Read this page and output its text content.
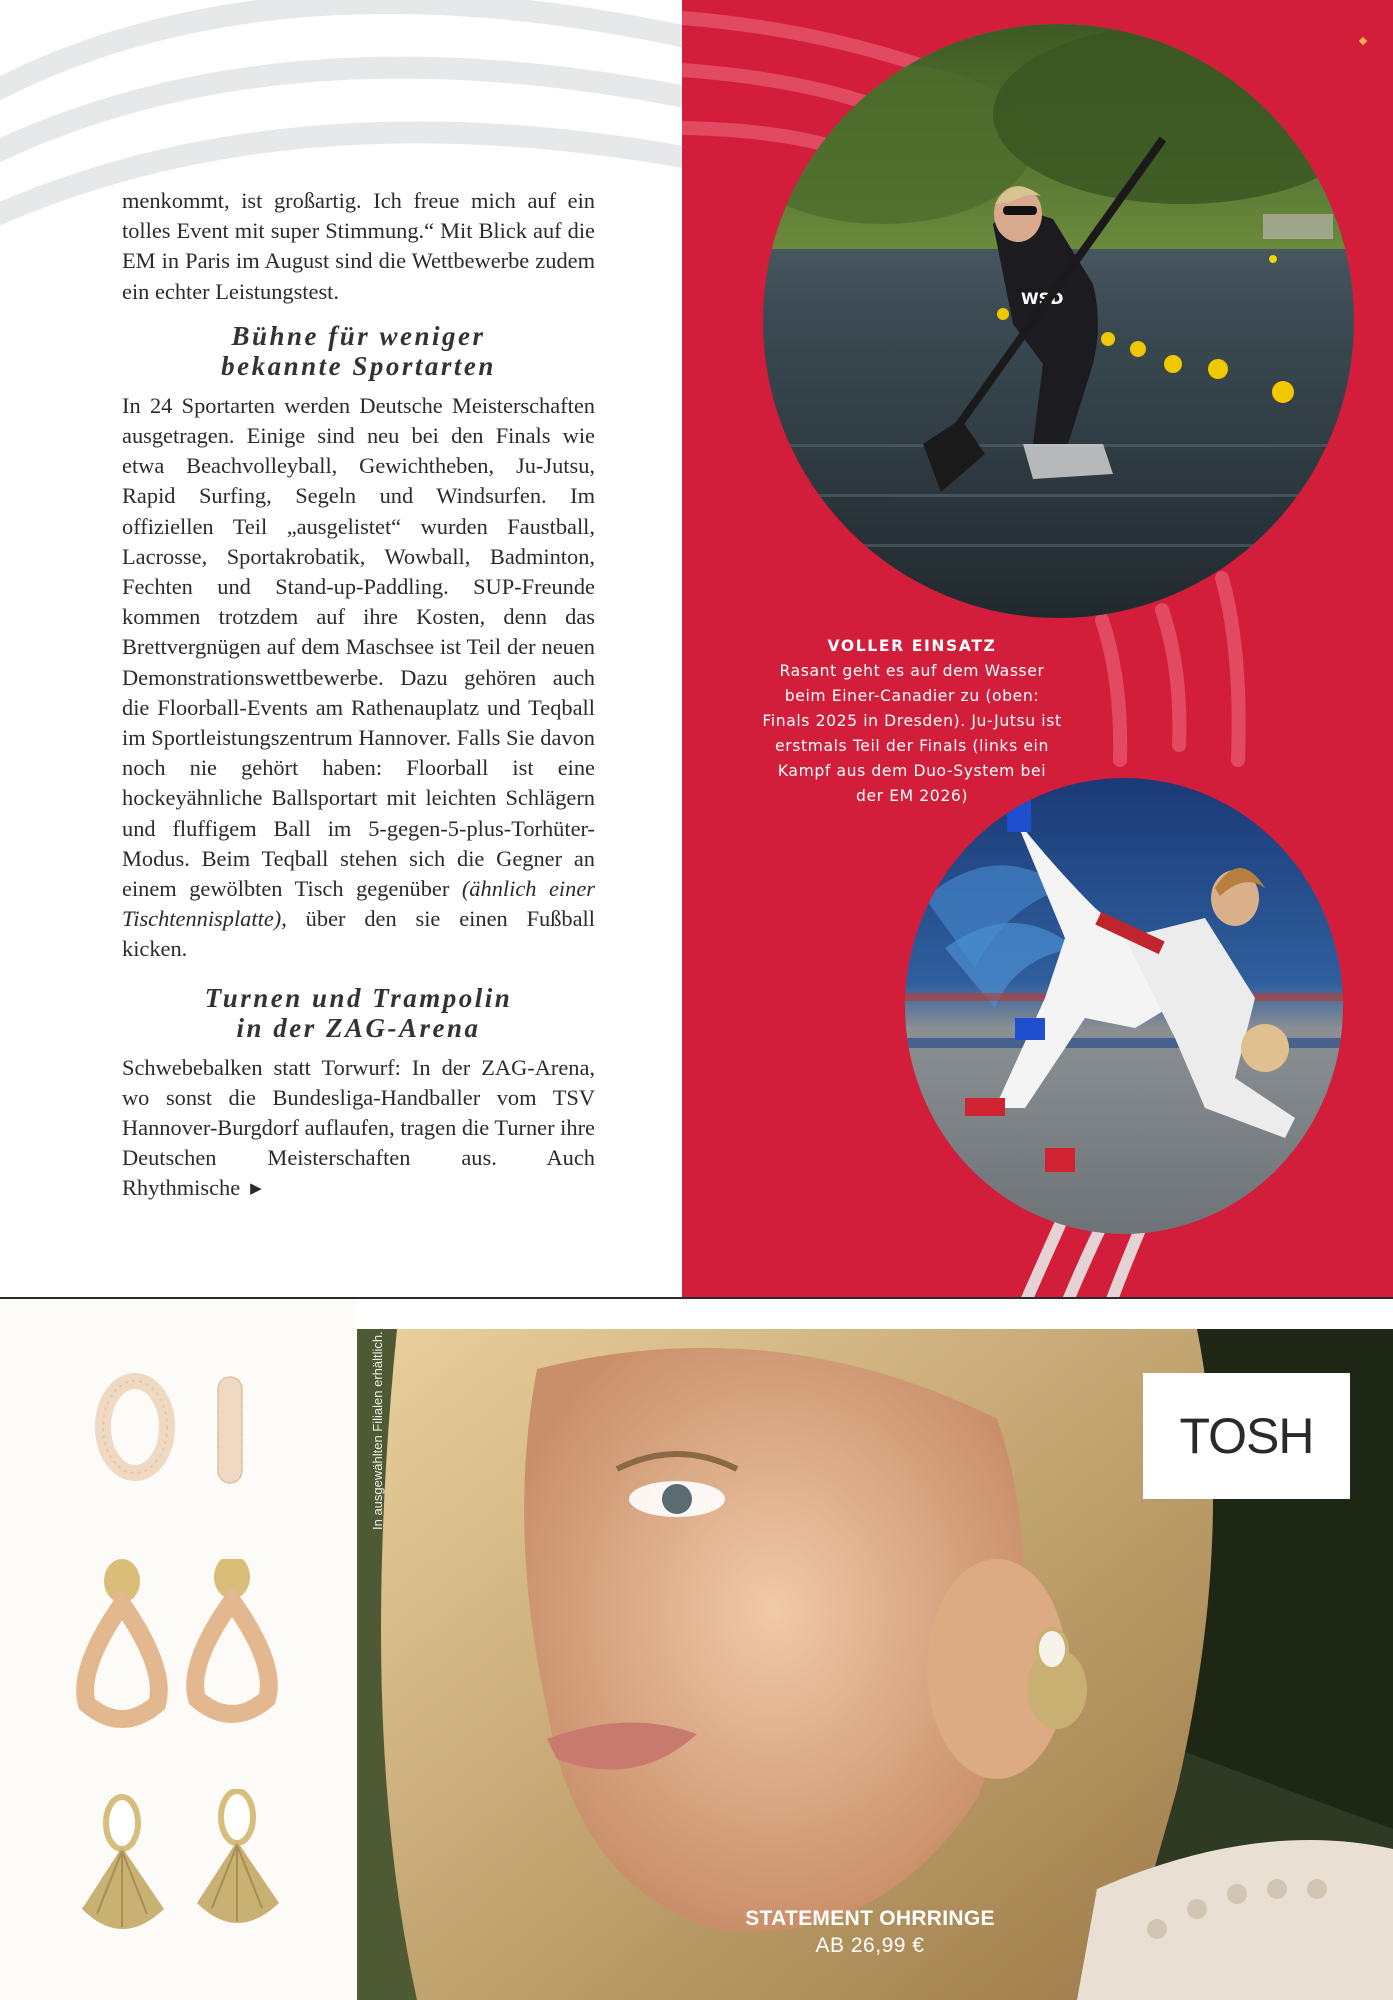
menkommt, ist großartig. Ich freue mich auf ein tolles Event mit super Stimmung.“ Mit Blick auf die EM in Paris im August sind die Wettbewerbe zudem ein echter Leistungstest.

Bühne für weniger
bekannte Sportarten

In 24 Sportarten werden Deutsche Meisterschaften ausgetragen. Einige sind neu bei den Finals wie etwa Beachvolleyball, Gewichtheben, Ju-Jutsu, Rapid Surfing, Segeln und Windsurfen. Im offiziellen Teil „ausgelistet“ wurden Faustball, Lacrosse, Sportakrobatik, Wowball, Badminton, Fechten und Stand-up-Paddling. SUP-Freunde kommen trotzdem auf ihre Kosten, denn das Brettvergnügen auf dem Maschsee ist Teil der neuen Demonstrationswettbewerbe. Dazu gehören auch die Floorball-Events am Rathenauplatz und Teqball im Sportleistungszentrum Hannover. Falls Sie davon noch nie gehört haben: Floorball ist eine hockeyähnliche Ballsportart mit leichten Schlägern und fluffigem Ball im 5-gegen-5-plus-Torhüter-Modus. Beim Teqball stehen sich die Gegner an einem gewölbten Tisch gegenüber (ähnlich einer Tischtennisplatte), über den sie einen Fußball kicken.

Turnen und Trampolin
in der ZAG-Arena

Schwebebalken statt Torwurf: In der ZAG-Arena, wo sonst die Bundesliga-Handballer vom TSV Hannover-Burgdorf auflaufen, tragen die Turner ihre Deutschen Meisterschaften aus. Auch Rhythmische ▶

WSD
VOLLER EINSATZ
Rasant geht es auf dem Wasser beim Einer-Canadier zu (oben: Finals 2025 in Dresden). Ju-Jutsu ist erstmals Teil der Finals (links ein Kampf aus dem Duo-System bei der EM 2026)
In ausgewählten Filialen erhältlich.	TOSH
STATEMENT OHRRINGE
AB 26,99 €
